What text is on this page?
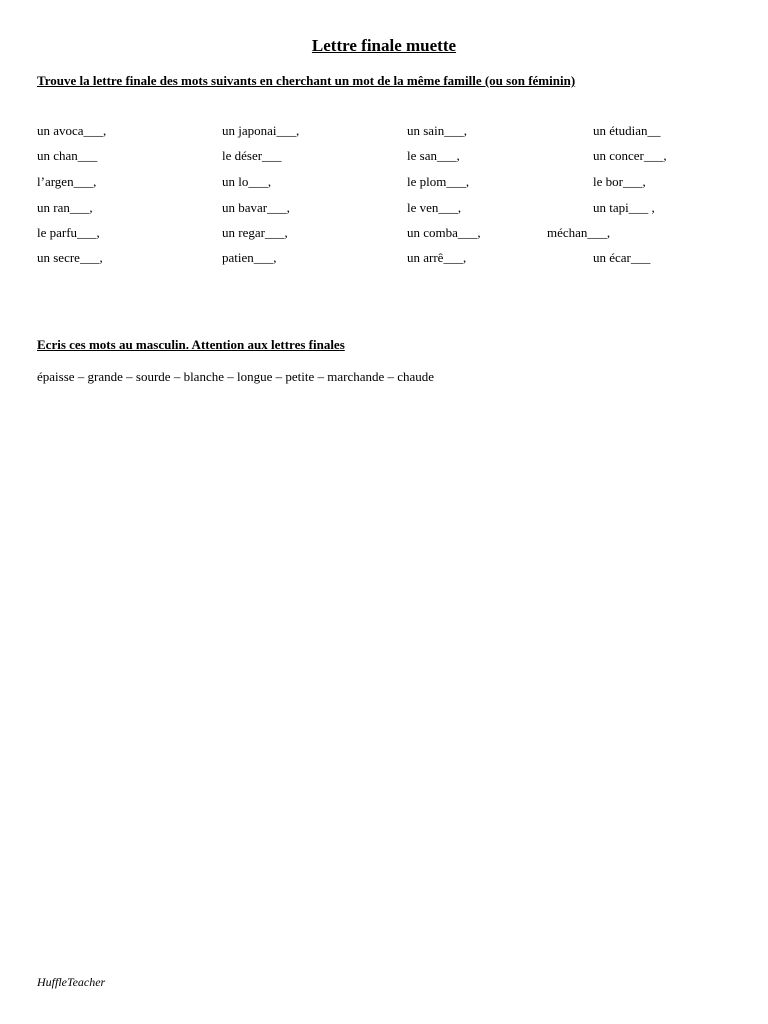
Lettre finale muette
Trouve la lettre finale des mots suivants en cherchant un mot de la même famille (ou son féminin)
un avoca___,	un japonai___,	un sain___,	un étudian__
un chan___	le déser___	le san___,	un concer___,
l’argen___,	un lo___,	le plom___,	le bor___,
un ran___,	un bavar___,	le ven___,	un tapi___ ,
le parfu___,	un regar___,	un comba___,	méchan___,
un secre___,	patien___,	un arrê___,	un écar___
Ecris ces mots au masculin. Attention aux lettres finales
épaisse – grande – sourde – blanche – longue – petite – marchande – chaude
HuffleTeacher
